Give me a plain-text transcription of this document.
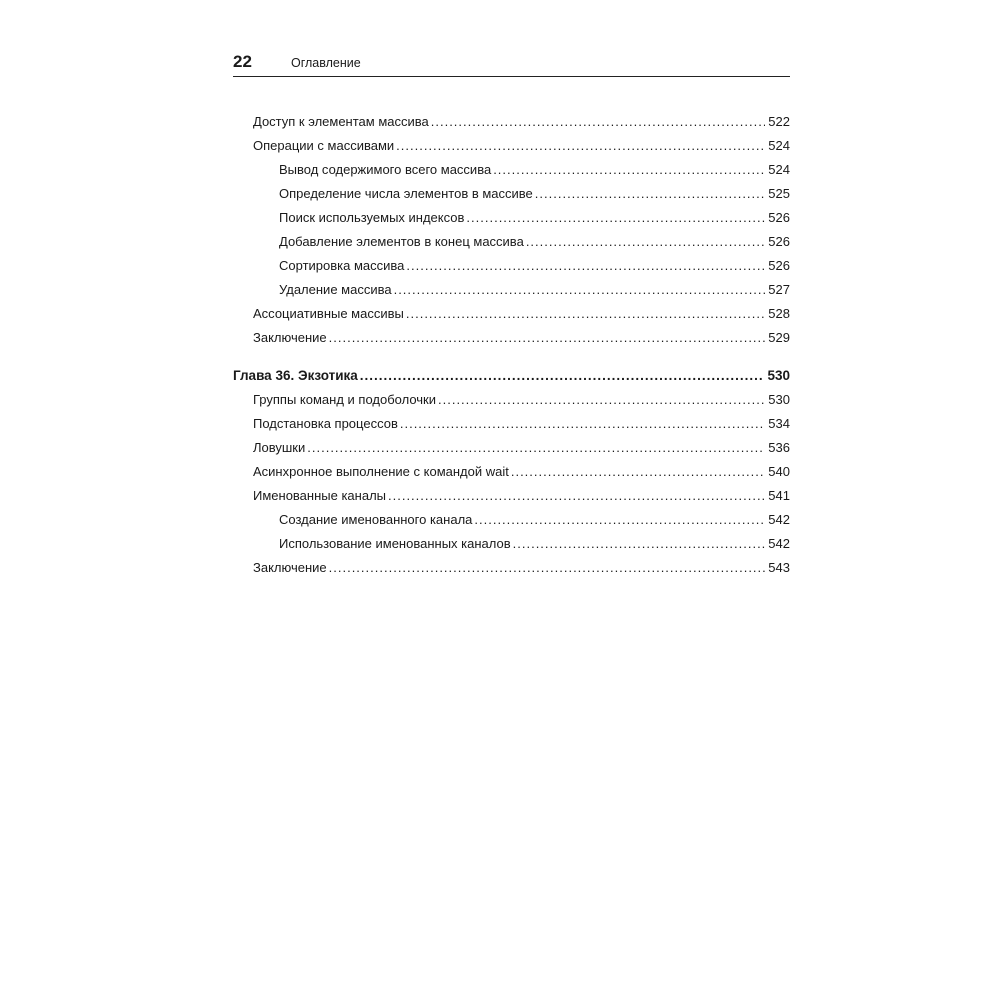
22	Оглавление
Доступ к элементам массива .....	522
Операции с массивами .....	524
Вывод содержимого всего массива .....	524
Определение числа элементов в массиве .....	525
Поиск используемых индексов .....	526
Добавление элементов в конец массива .....	526
Сортировка массива .....	526
Удаление массива .....	527
Ассоциативные массивы .....	528
Заключение .....	529
Глава 36. Экзотика .....	530
Группы команд и подоболочки .....	530
Подстановка процессов .....	534
Ловушки .....	536
Асинхронное выполнение с командой wait .....	540
Именованные каналы .....	541
Создание именованного канала .....	542
Использование именованных каналов .....	542
Заключение .....	543
